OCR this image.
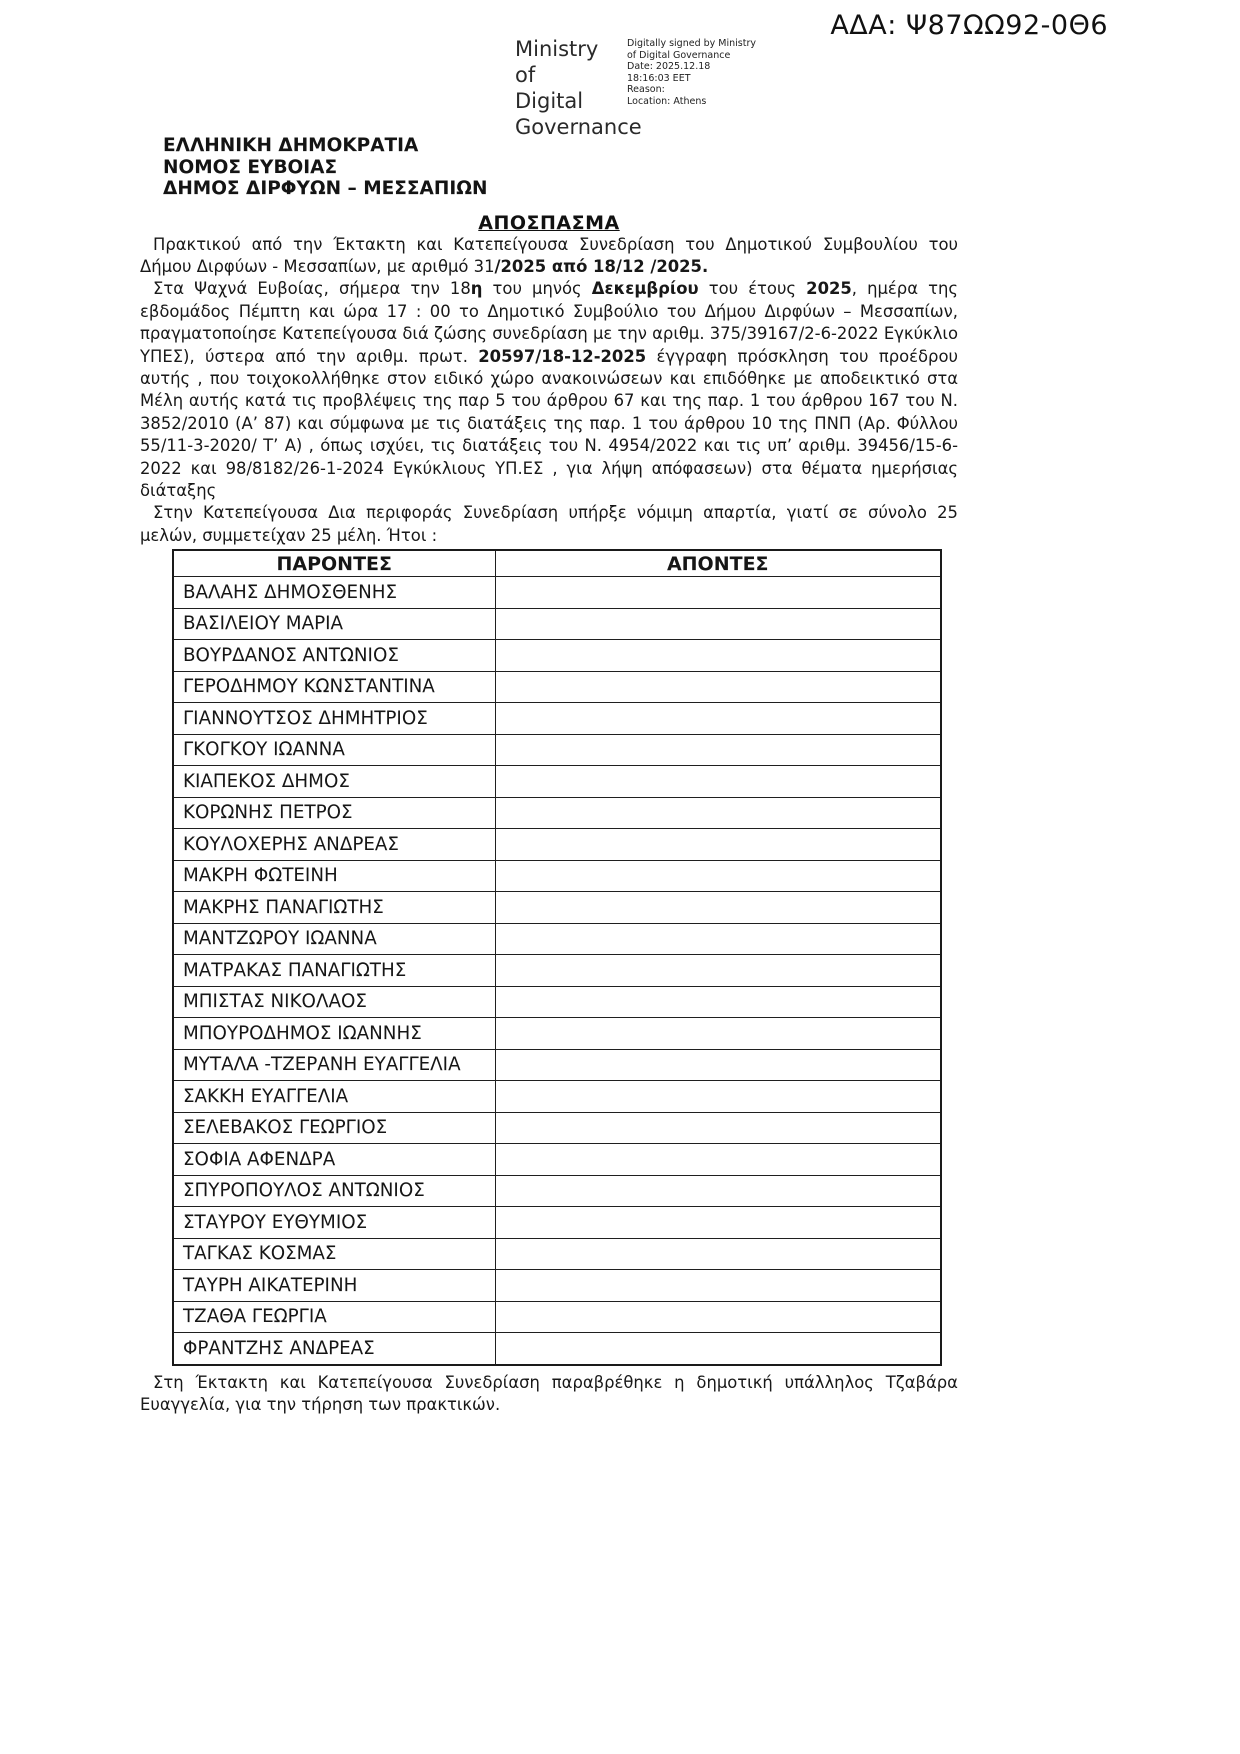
ΑΔΑ: Ψ87ΩΩ92-0Θ6
Ministry of
Digital
Governance
Digitally signed by Ministry
of Digital Governance
Date: 2025.12.18
18:16:03 EET
Reason:
Location: Athens
ΕΛΛΗΝΙΚΗ ΔΗΜΟΚΡΑΤΙΑ
ΝΟΜΟΣ ΕΥΒΟΙΑΣ
ΔΗΜΟΣ ΔΙΡΦΥΩΝ – ΜΕΣΣΑΠΙΩΝ
ΑΠΟΣΠΑΣΜΑ

Πρακτικού από την Έκτακτη και Κατεπείγουσα Συνεδρίαση του Δημοτικού Συμβουλίου του Δήμου Διρφύων - Μεσσαπίων, με αριθμό 31/2025 από 18/12 /2025.

Στα Ψαχνά Ευβοίας, σήμερα την 18η του μηνός Δεκεμβρίου του έτους 2025, ημέρα της εβδομάδος Πέμπτη και ώρα 17 : 00 το Δημοτικό Συμβούλιο του Δήμου Διρφύων – Μεσσαπίων, πραγματοποίησε Κατεπείγουσα διά ζώσης συνεδρίαση με την αριθμ. 375/39167/2-6-2022 Εγκύκλιο ΥΠΕΣ), ύστερα από την αριθμ. πρωτ. 20597/18-12-2025 έγγραφη πρόσκληση του προέδρου αυτής , που τοιχοκολλήθηκε στον ειδικό χώρο ανακοινώσεων και επιδόθηκε με αποδεικτικό στα Μέλη αυτής κατά τις προβλέψεις της παρ 5 του άρθρου 67 και της παρ. 1 του άρθρου 167 του Ν. 3852/2010 (Α’ 87) και σύμφωνα με τις διατάξεις της παρ. 1 του άρθρου 10 της ΠΝΠ (Αρ. Φύλλου 55/11-3-2020/ Τ’ Α) , όπως ισχύει, τις διατάξεις του Ν. 4954/2022 και τις υπ’ αριθμ. 39456/15-6-2022 και 98/8182/26-1-2024 Εγκύκλιους ΥΠ.ΕΣ , για λήψη απόφασεων) στα θέματα ημερήσιας διάταξης

Στην Κατεπείγουσα Δια περιφοράς Συνεδρίαση υπήρξε νόμιμη απαρτία, γιατί σε σύνολο 25 μελών, συμμετείχαν 25 μέλη. Ήτοι :

ΠΑΡΟΝΤΕΣ	ΑΠΟΝΤΕΣ
ΒΑΛΑΗΣ ΔΗΜΟΣΘΕΝΗΣ	
ΒΑΣΙΛΕΙΟΥ ΜΑΡΙΑ	
ΒΟΥΡΔΑΝΟΣ ΑΝΤΩΝΙΟΣ	
ΓΕΡΟΔΗΜΟΥ ΚΩΝΣΤΑΝΤΙΝΑ	
ΓΙΑΝΝΟΥΤΣΟΣ ΔΗΜΗΤΡΙΟΣ	
ΓΚΟΓΚΟΥ ΙΩΑΝΝΑ	
ΚΙΑΠΕΚΟΣ ΔΗΜΟΣ	
ΚΟΡΩΝΗΣ ΠΕΤΡΟΣ	
ΚΟΥΛΟΧΕΡΗΣ ΑΝΔΡΕΑΣ	
ΜΑΚΡΗ ΦΩΤΕΙΝΗ	
ΜΑΚΡΗΣ ΠΑΝΑΓΙΩΤΗΣ	
ΜΑΝΤΖΩΡΟΥ ΙΩΑΝΝΑ	
ΜΑΤΡΑΚΑΣ ΠΑΝΑΓΙΩΤΗΣ	
ΜΠΙΣΤΑΣ ΝΙΚΟΛΑΟΣ	
ΜΠΟΥΡΟΔΗΜΟΣ ΙΩΑΝΝΗΣ	
ΜΥΤΑΛΑ -ΤΖΕΡΑΝΗ ΕΥΑΓΓΕΛΙΑ	
ΣΑΚΚΗ ΕΥΑΓΓΕΛΙΑ	
ΣΕΛΕΒΑΚΟΣ ΓΕΩΡΓΙΟΣ	
ΣΟΦΙΑ ΑΦΕΝΔΡΑ	
ΣΠΥΡΟΠΟΥΛΟΣ ΑΝΤΩΝΙΟΣ	
ΣΤΑΥΡΟΥ ΕΥΘΥΜΙΟΣ	
ΤΑΓΚΑΣ ΚΟΣΜΑΣ	
ΤΑΥΡΗ ΑΙΚΑΤΕΡΙΝΗ	
ΤΖΑΘΑ ΓΕΩΡΓΙΑ	
ΦΡΑΝΤΖΗΣ ΑΝΔΡΕΑΣ	

Στη Έκτακτη και Κατεπείγουσα Συνεδρίαση παραβρέθηκε η δημοτική υπάλληλος Τζαβάρα Ευαγγελία, για την τήρηση των πρακτικών.
